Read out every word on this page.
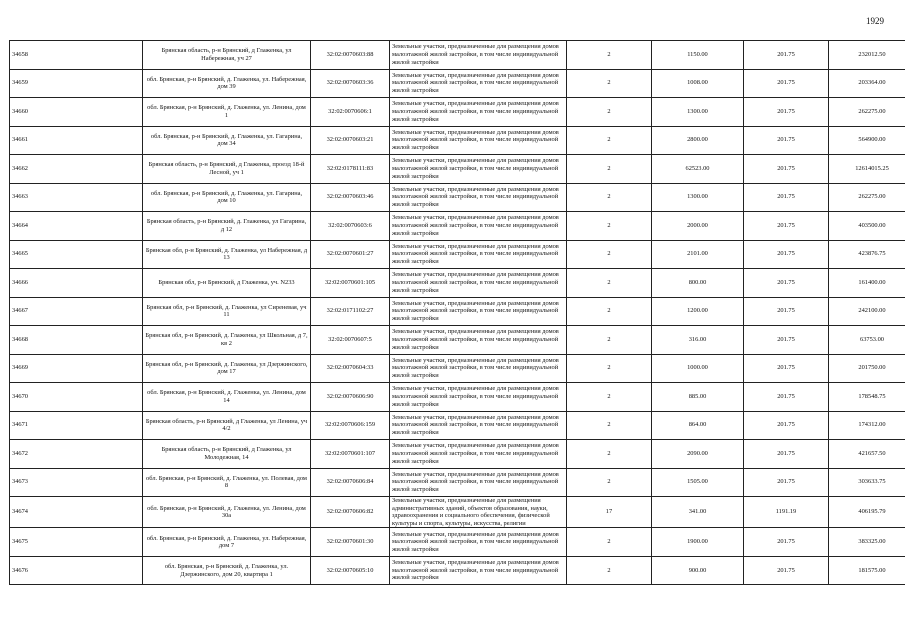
1929
34658	Брянская область, р-н Брянский, д Глаженка, ул Набережная, уч 27	32:02:0070603:88	Земельные участки, предназначенные для размещения домов малоэтажной жилой застройки, в том числе индивидуальной жилой застройки	2	1150.00	201.75	232012.50
34659	обл. Брянская, р-н Брянский, д. Глаженка, ул. Набережная, дом 39	32:02:0070603:36	Земельные участки, предназначенные для размещения домов малоэтажной жилой застройки, в том числе индивидуальной жилой застройки	2	1008.00	201.75	203364.00
34660	обл. Брянская, р-н Брянский, д. Глаженка, ул. Ленина, дом 1	32:02:0070606:1	Земельные участки, предназначенные для размещения домов малоэтажной жилой застройки, в том числе индивидуальной жилой застройки	2	1300.00	201.75	262275.00
34661	обл. Брянская, р-н Брянский, д. Глаженка, ул. Гагарина, дом 34	32:02:0070603:21	Земельные участки, предназначенные для размещения домов малоэтажной жилой застройки, в том числе индивидуальной жилой застройки	2	2800.00	201.75	564900.00
34662	Брянская область, р-н Брянский, д Глаженка, проезд 18-й Лесной, уч 1	32:02:0178111:83	Земельные участки, предназначенные для размещения домов малоэтажной жилой застройки, в том числе индивидуальной жилой застройки	2	62523.00	201.75	12614015.25
34663	обл. Брянская, р-н Брянский, д. Глаженка, ул. Гагарина, дом 10	32:02:0070603:46	Земельные участки, предназначенные для размещения домов малоэтажной жилой застройки, в том числе индивидуальной жилой застройки	2	1300.00	201.75	262275.00
34664	Брянская область, р-н Брянский, д. Глаженка, ул Гагарина, д 12	32:02:0070603:6	Земельные участки, предназначенные для размещения домов малоэтажной жилой застройки, в том числе индивидуальной жилой застройки	2	2000.00	201.75	403500.00
34665	Брянская обл, р-н Брянский, д. Глаженка, ул Набережная, д 13	32:02:0070601:27	Земельные участки, предназначенные для размещения домов малоэтажной жилой застройки, в том числе индивидуальной жилой застройки	2	2101.00	201.75	423876.75
34666	Брянская обл, р-н Брянский, д Глаженка, уч. N233	32:02:0070601:105	Земельные участки, предназначенные для размещения домов малоэтажной жилой застройки, в том числе индивидуальной жилой застройки	2	800.00	201.75	161400.00
34667	Брянская обл, р-н Брянский, д. Глаженка, ул Сиреневая, уч 11	32:02:0171102:27	Земельные участки, предназначенные для размещения домов малоэтажной жилой застройки, в том числе индивидуальной жилой застройки	2	1200.00	201.75	242100.00
34668	Брянская обл, р-н Брянский, д. Глаженка, ул Школьная, д 7, кв 2	32:02:0070607:5	Земельные участки, предназначенные для размещения домов малоэтажной жилой застройки, в том числе индивидуальной жилой застройки	2	316.00	201.75	63753.00
34669	Брянская обл, р-н Брянский, д. Глаженка, ул Дзержинского, дом 17	32:02:0070604:33	Земельные участки, предназначенные для размещения домов малоэтажной жилой застройки, в том числе индивидуальной жилой застройки	2	1000.00	201.75	201750.00
34670	обл. Брянская, р-н Брянский, д. Глаженка, ул. Ленина, дом 14	32:02:0070606:90	Земельные участки, предназначенные для размещения домов малоэтажной жилой застройки, в том числе индивидуальной жилой застройки	2	885.00	201.75	178548.75
34671	Брянская область, р-н Брянский, д Глаженка, ул Ленина, уч 4/2	32:02:0070606:159	Земельные участки, предназначенные для размещения домов малоэтажной жилой застройки, в том числе индивидуальной жилой застройки	2	864.00	201.75	174312.00
34672	Брянская область, р-н Брянский, д Глаженка, ул Молодежная, 14	32:02:0070601:107	Земельные участки, предназначенные для размещения домов малоэтажной жилой застройки, в том числе индивидуальной жилой застройки	2	2090.00	201.75	421657.50
34673	обл. Брянская, р-н Брянский, д. Глаженка, ул. Полевая, дом 8	32:02:0070606:84	Земельные участки, предназначенные для размещения домов малоэтажной жилой застройки, в том числе индивидуальной жилой застройки	2	1505.00	201.75	303633.75
34674	обл. Брянская, р-н Брянский, д. Глаженка, ул. Ленина, дом 30а	32:02:0070606:82	Земельные участки, предназначенные для размещения административных зданий, объектов образования, науки, здравоохранения и социального обеспечения, физической культуры и спорта, культуры, искусства, религии	17	341.00	1191.19	406195.79
34675	обл. Брянская, р-н Брянский, д. Глаженка, ул. Набережная, дом 7	32:02:0070601:30	Земельные участки, предназначенные для размещения домов малоэтажной жилой застройки, в том числе индивидуальной жилой застройки	2	1900.00	201.75	383325.00
34676	обл. Брянская, р-н Брянский, д. Глаженка, ул. Дзержинского, дом 20, квартира 1	32:02:0070605:10	Земельные участки, предназначенные для размещения домов малоэтажной жилой застройки, в том числе индивидуальной жилой застройки	2	900.00	201.75	181575.00
